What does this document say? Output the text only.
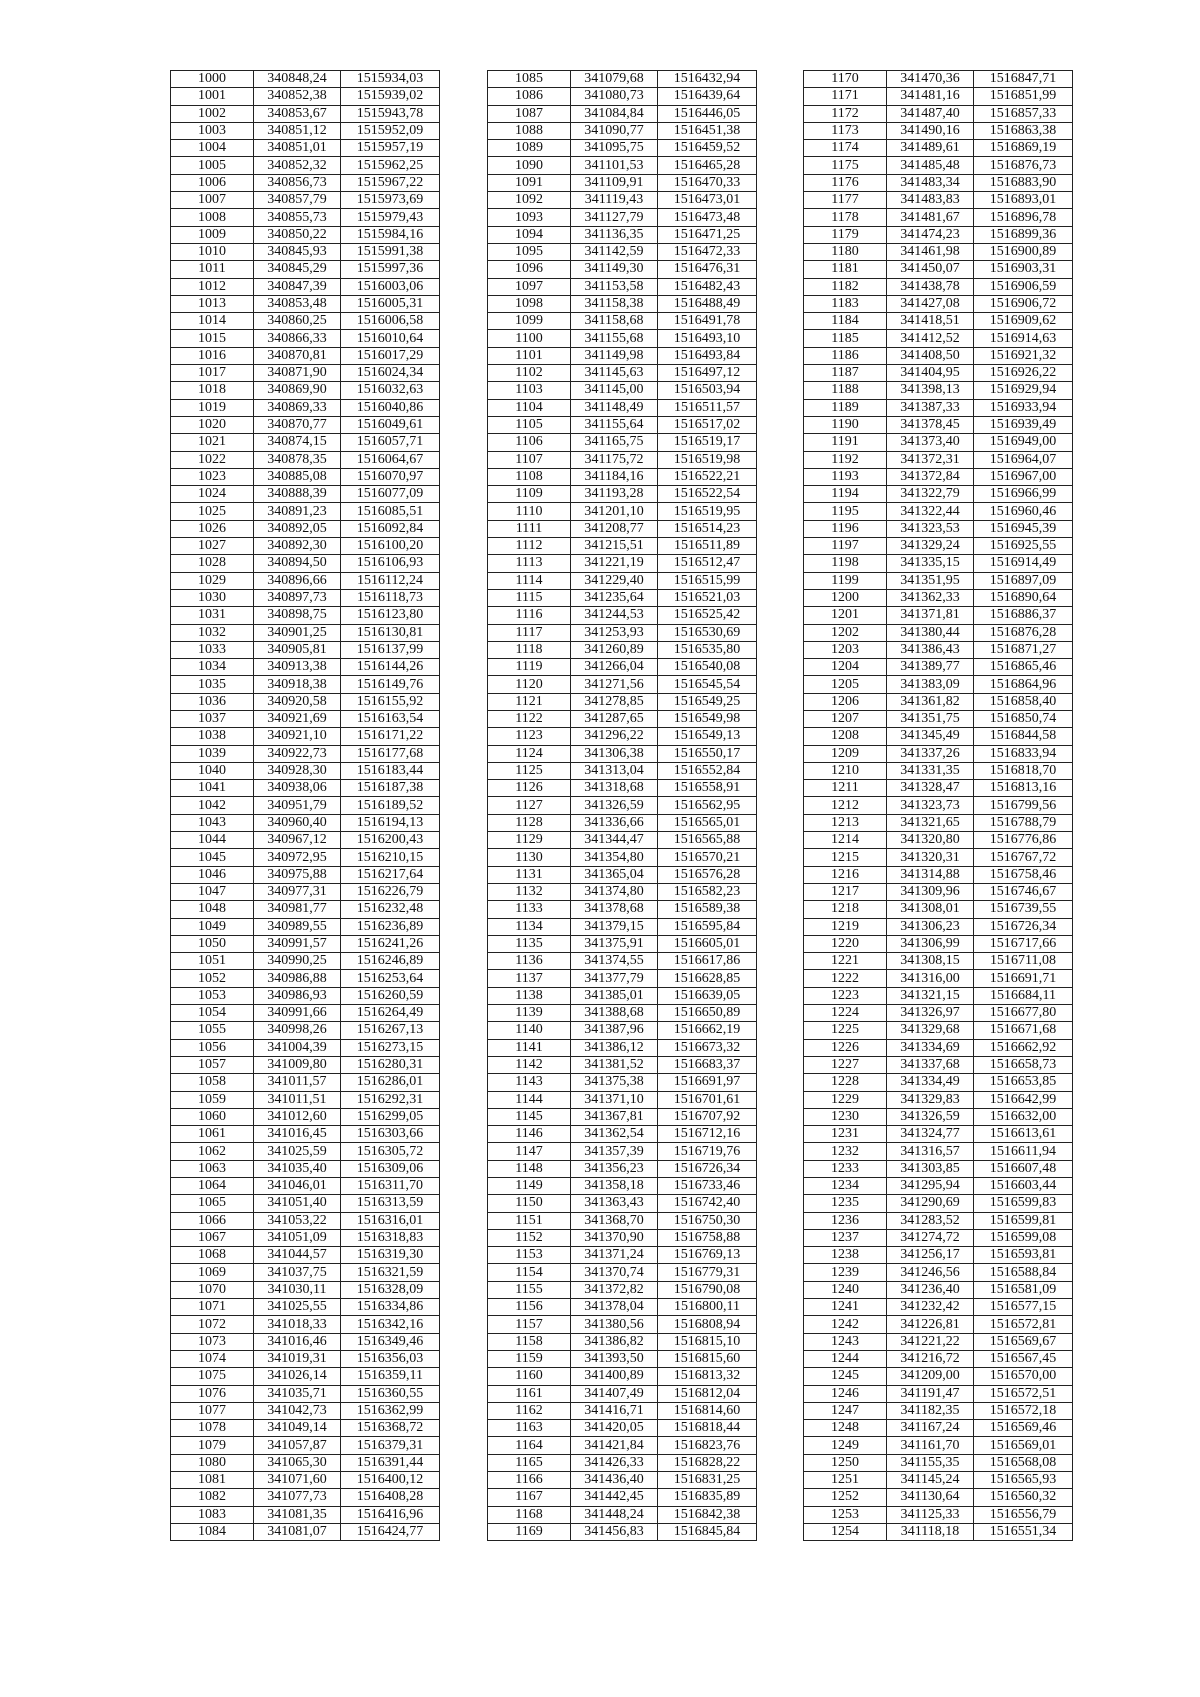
1000	340848,24	1515934,03
1001	340852,38	1515939,02
1002	340853,67	1515943,78
1003	340851,12	1515952,09
1004	340851,01	1515957,19
1005	340852,32	1515962,25
1006	340856,73	1515967,22
1007	340857,79	1515973,69
1008	340855,73	1515979,43
1009	340850,22	1515984,16
1010	340845,93	1515991,38
1011	340845,29	1515997,36
1012	340847,39	1516003,06
1013	340853,48	1516005,31
1014	340860,25	1516006,58
1015	340866,33	1516010,64
1016	340870,81	1516017,29
1017	340871,90	1516024,34
1018	340869,90	1516032,63
1019	340869,33	1516040,86
1020	340870,77	1516049,61
1021	340874,15	1516057,71
1022	340878,35	1516064,67
1023	340885,08	1516070,97
1024	340888,39	1516077,09
1025	340891,23	1516085,51
1026	340892,05	1516092,84
1027	340892,30	1516100,20
1028	340894,50	1516106,93
1029	340896,66	1516112,24
1030	340897,73	1516118,73
1031	340898,75	1516123,80
1032	340901,25	1516130,81
1033	340905,81	1516137,99
1034	340913,38	1516144,26
1035	340918,38	1516149,76
1036	340920,58	1516155,92
1037	340921,69	1516163,54
1038	340921,10	1516171,22
1039	340922,73	1516177,68
1040	340928,30	1516183,44
1041	340938,06	1516187,38
1042	340951,79	1516189,52
1043	340960,40	1516194,13
1044	340967,12	1516200,43
1045	340972,95	1516210,15
1046	340975,88	1516217,64
1047	340977,31	1516226,79
1048	340981,77	1516232,48
1049	340989,55	1516236,89
1050	340991,57	1516241,26
1051	340990,25	1516246,89
1052	340986,88	1516253,64
1053	340986,93	1516260,59
1054	340991,66	1516264,49
1055	340998,26	1516267,13
1056	341004,39	1516273,15
1057	341009,80	1516280,31
1058	341011,57	1516286,01
1059	341011,51	1516292,31
1060	341012,60	1516299,05
1061	341016,45	1516303,66
1062	341025,59	1516305,72
1063	341035,40	1516309,06
1064	341046,01	1516311,70
1065	341051,40	1516313,59
1066	341053,22	1516316,01
1067	341051,09	1516318,83
1068	341044,57	1516319,30
1069	341037,75	1516321,59
1070	341030,11	1516328,09
1071	341025,55	1516334,86
1072	341018,33	1516342,16
1073	341016,46	1516349,46
1074	341019,31	1516356,03
1075	341026,14	1516359,11
1076	341035,71	1516360,55
1077	341042,73	1516362,99
1078	341049,14	1516368,72
1079	341057,87	1516379,31
1080	341065,30	1516391,44
1081	341071,60	1516400,12
1082	341077,73	1516408,28
1083	341081,35	1516416,96
1084	341081,07	1516424,77
1085	341079,68	1516432,94
1086	341080,73	1516439,64
1087	341084,84	1516446,05
1088	341090,77	1516451,38
1089	341095,75	1516459,52
1090	341101,53	1516465,28
1091	341109,91	1516470,33
1092	341119,43	1516473,01
1093	341127,79	1516473,48
1094	341136,35	1516471,25
1095	341142,59	1516472,33
1096	341149,30	1516476,31
1097	341153,58	1516482,43
1098	341158,38	1516488,49
1099	341158,68	1516491,78
1100	341155,68	1516493,10
1101	341149,98	1516493,84
1102	341145,63	1516497,12
1103	341145,00	1516503,94
1104	341148,49	1516511,57
1105	341155,64	1516517,02
1106	341165,75	1516519,17
1107	341175,72	1516519,98
1108	341184,16	1516522,21
1109	341193,28	1516522,54
1110	341201,10	1516519,95
1111	341208,77	1516514,23
1112	341215,51	1516511,89
1113	341221,19	1516512,47
1114	341229,40	1516515,99
1115	341235,64	1516521,03
1116	341244,53	1516525,42
1117	341253,93	1516530,69
1118	341260,89	1516535,80
1119	341266,04	1516540,08
1120	341271,56	1516545,54
1121	341278,85	1516549,25
1122	341287,65	1516549,98
1123	341296,22	1516549,13
1124	341306,38	1516550,17
1125	341313,04	1516552,84
1126	341318,68	1516558,91
1127	341326,59	1516562,95
1128	341336,66	1516565,01
1129	341344,47	1516565,88
1130	341354,80	1516570,21
1131	341365,04	1516576,28
1132	341374,80	1516582,23
1133	341378,68	1516589,38
1134	341379,15	1516595,84
1135	341375,91	1516605,01
1136	341374,55	1516617,86
1137	341377,79	1516628,85
1138	341385,01	1516639,05
1139	341388,68	1516650,89
1140	341387,96	1516662,19
1141	341386,12	1516673,32
1142	341381,52	1516683,37
1143	341375,38	1516691,97
1144	341371,10	1516701,61
1145	341367,81	1516707,92
1146	341362,54	1516712,16
1147	341357,39	1516719,76
1148	341356,23	1516726,34
1149	341358,18	1516733,46
1150	341363,43	1516742,40
1151	341368,70	1516750,30
1152	341370,90	1516758,88
1153	341371,24	1516769,13
1154	341370,74	1516779,31
1155	341372,82	1516790,08
1156	341378,04	1516800,11
1157	341380,56	1516808,94
1158	341386,82	1516815,10
1159	341393,50	1516815,60
1160	341400,89	1516813,32
1161	341407,49	1516812,04
1162	341416,71	1516814,60
1163	341420,05	1516818,44
1164	341421,84	1516823,76
1165	341426,33	1516828,22
1166	341436,40	1516831,25
1167	341442,45	1516835,89
1168	341448,24	1516842,38
1169	341456,83	1516845,84
1170	341470,36	1516847,71
1171	341481,16	1516851,99
1172	341487,40	1516857,33
1173	341490,16	1516863,38
1174	341489,61	1516869,19
1175	341485,48	1516876,73
1176	341483,34	1516883,90
1177	341483,83	1516893,01
1178	341481,67	1516896,78
1179	341474,23	1516899,36
1180	341461,98	1516900,89
1181	341450,07	1516903,31
1182	341438,78	1516906,59
1183	341427,08	1516906,72
1184	341418,51	1516909,62
1185	341412,52	1516914,63
1186	341408,50	1516921,32
1187	341404,95	1516926,22
1188	341398,13	1516929,94
1189	341387,33	1516933,94
1190	341378,45	1516939,49
1191	341373,40	1516949,00
1192	341372,31	1516964,07
1193	341372,84	1516967,00
1194	341322,79	1516966,99
1195	341322,44	1516960,46
1196	341323,53	1516945,39
1197	341329,24	1516925,55
1198	341335,15	1516914,49
1199	341351,95	1516897,09
1200	341362,33	1516890,64
1201	341371,81	1516886,37
1202	341380,44	1516876,28
1203	341386,43	1516871,27
1204	341389,77	1516865,46
1205	341383,09	1516864,96
1206	341361,82	1516858,40
1207	341351,75	1516850,74
1208	341345,49	1516844,58
1209	341337,26	1516833,94
1210	341331,35	1516818,70
1211	341328,47	1516813,16
1212	341323,73	1516799,56
1213	341321,65	1516788,79
1214	341320,80	1516776,86
1215	341320,31	1516767,72
1216	341314,88	1516758,46
1217	341309,96	1516746,67
1218	341308,01	1516739,55
1219	341306,23	1516726,34
1220	341306,99	1516717,66
1221	341308,15	1516711,08
1222	341316,00	1516691,71
1223	341321,15	1516684,11
1224	341326,97	1516677,80
1225	341329,68	1516671,68
1226	341334,69	1516662,92
1227	341337,68	1516658,73
1228	341334,49	1516653,85
1229	341329,83	1516642,99
1230	341326,59	1516632,00
1231	341324,77	1516613,61
1232	341316,57	1516611,94
1233	341303,85	1516607,48
1234	341295,94	1516603,44
1235	341290,69	1516599,83
1236	341283,52	1516599,81
1237	341274,72	1516599,08
1238	341256,17	1516593,81
1239	341246,56	1516588,84
1240	341236,40	1516581,09
1241	341232,42	1516577,15
1242	341226,81	1516572,81
1243	341221,22	1516569,67
1244	341216,72	1516567,45
1245	341209,00	1516570,00
1246	341191,47	1516572,51
1247	341182,35	1516572,18
1248	341167,24	1516569,46
1249	341161,70	1516569,01
1250	341155,35	1516568,08
1251	341145,24	1516565,93
1252	341130,64	1516560,32
1253	341125,33	1516556,79
1254	341118,18	1516551,34
